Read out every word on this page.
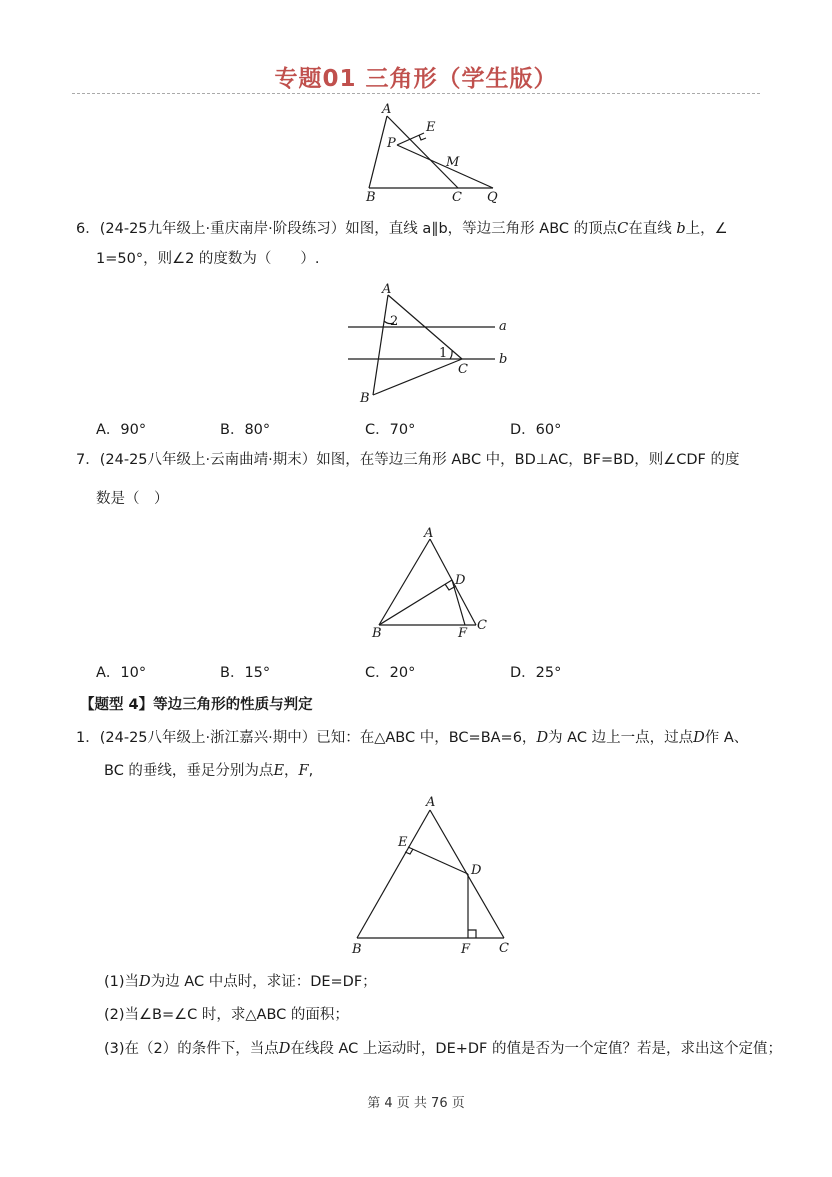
专题01 三角形（学生版）
A
E
P
M
B	C Q
6．(24-25九年级上·重庆南岸·阶段练习）如图，直线 a∥b，等边三角形 ABC 的顶点C在直线 b上，∠
1=50°，则∠2 的度数为（　　）.
A
2
1
a
b
C
B
A．90°	B．80°	C．70°	D．60°
7．(24-25八年级上·云南曲靖·期末）如图，在等边三角形 ABC 中，BD⊥AC，BF=BD，则∠CDF 的度
数是（　）
A
D
B	F
C
A．10°	B．15°	C．20°	D．25°
【题型 4】等边三角形的性质与判定
1．(24-25八年级上·浙江嘉兴·期中）已知：在△ABC 中，BC=BA=6，D为 AC 边上一点，过点D作 A、
BC 的垂线，垂足分别为点E，F,
A
E
D
B	F C
(1)当D为边 AC 中点时，求证：DE=DF；
(2)当∠B=∠C 时，求△ABC 的面积；
(3)在（2）的条件下，当点D在线段 AC 上运动时，DE+DF 的值是否为一个定值？若是，求出这个定值；
第 4 页 共 76 页
